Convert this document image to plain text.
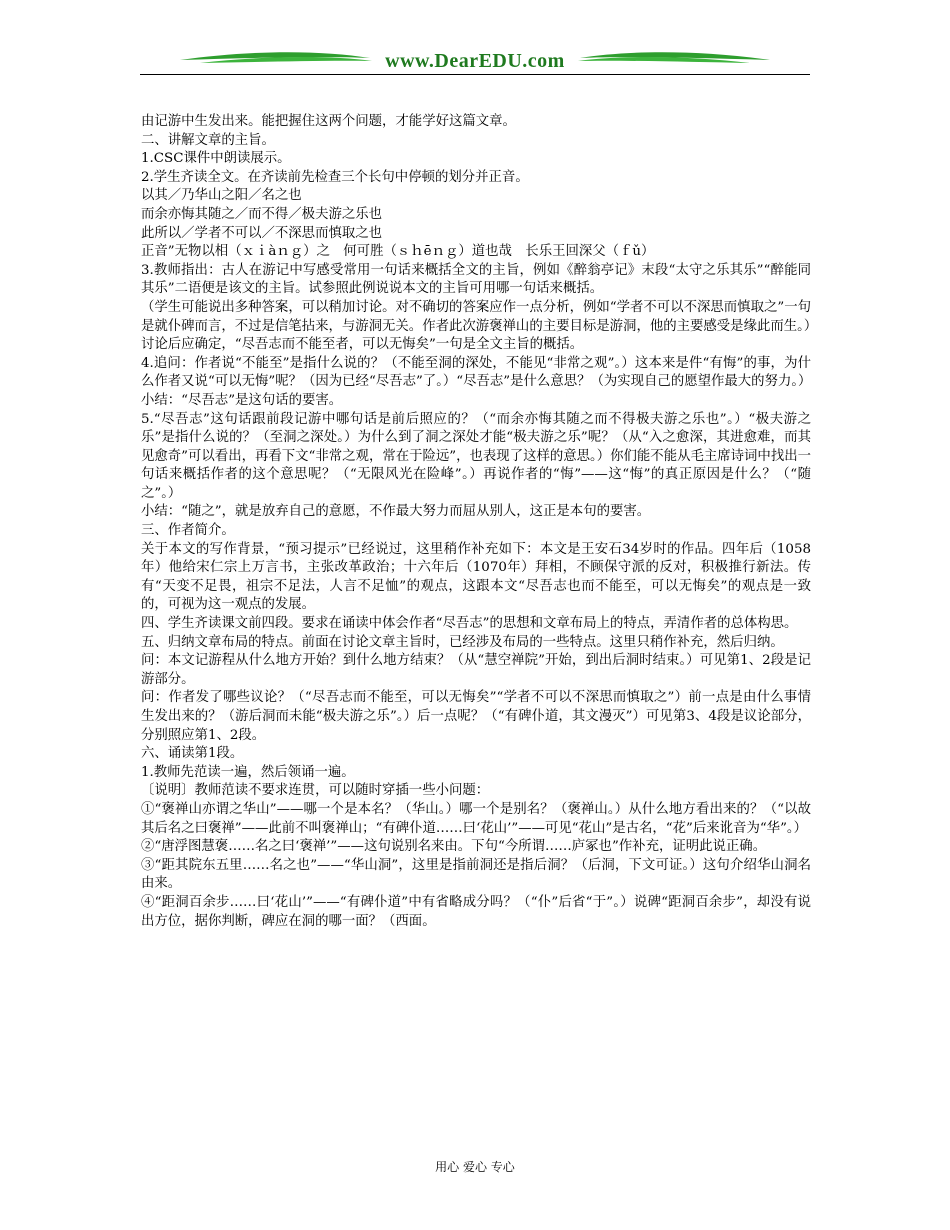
www.DearEDU.com

由记游中生发出来。能把握住这两个问题，才能学好这篇文章。

二、讲解文章的主旨。

1.CSC课件中朗读展示。

2.学生齐读全文。在齐读前先检查三个长句中停顿的划分并正音。

以其／乃华山之阳／名之也

而余亦悔其随之／而不得／极夫游之乐也

此所以／学者不可以／不深思而慎取之也

正音”无物以相（ｘｉàｎｇ）之　何可胜（ｓｈēｎｇ）道也哉　长乐王回深父（ｆǔ）

3.教师指出：古人在游记中写感受常用一句话来概括全文的主旨，例如《醉翁亭记》末段“太守之乐其乐”“醉能同其乐”二语便是该文的主旨。试参照此例说说本文的主旨可用哪一句话来概括。

（学生可能说出多种答案，可以稍加讨论。对不确切的答案应作一点分析，例如“学者不可以不深思而慎取之”一句是就仆碑而言，不过是信笔拈来，与游洞无关。作者此次游褒禅山的主要目标是游洞，他的主要感受是缘此而生。）

讨论后应确定，“尽吾志而不能至者，可以无悔矣”一句是全文主旨的概括。

4.追问：作者说“不能至”是指什么说的？（不能至洞的深处，不能见“非常之观”。）这本来是件“有悔”的事，为什么作者又说“可以无悔”呢？（因为已经“尽吾志”了。）“尽吾志”是什么意思？（为实现自己的愿望作最大的努力。）

小结：“尽吾志”是这句话的要害。

5.“尽吾志”这句话跟前段记游中哪句话是前后照应的？（“而余亦悔其随之而不得极夫游之乐也”。）“极夫游之乐”是指什么说的？（至洞之深处。）为什么到了洞之深处才能“极夫游之乐”呢？（从“入之愈深，其进愈难，而其见愈奇”可以看出，再看下文“非常之观，常在于险远”，也表现了这样的意思。）你们能不能从毛主席诗词中找出一句话来概括作者的这个意思呢？（“无限风光在险峰”。）再说作者的“悔”——这“悔”的真正原因是什么？（“随之”。）

小结：“随之”，就是放弃自己的意愿，不作最大努力而屈从别人，这正是本句的要害。

三、作者简介。

关于本文的写作背景，“预习提示”已经说过，这里稍作补充如下：本文是王安石34岁时的作品。四年后（1058年）他给宋仁宗上万言书，主张改革政治；十六年后（1070年）拜相，不顾保守派的反对，积极推行新法。传有“天变不足畏，祖宗不足法，人言不足恤”的观点，这跟本文“尽吾志也而不能至，可以无悔矣”的观点是一致的，可视为这一观点的发展。

四、学生齐读课文前四段。要求在诵读中体会作者“尽吾志”的思想和文章布局上的特点，弄清作者的总体构思。

五、归纳文章布局的特点。前面在讨论文章主旨时，已经涉及布局的一些特点。这里只稍作补充，然后归纳。

问：本文记游程从什么地方开始？到什么地方结束？（从“慧空禅院”开始，到出后洞时结束。）可见第1、2段是记游部分。

问：作者发了哪些议论？（“尽吾志而不能至，可以无悔矣”“学者不可以不深思而慎取之”）前一点是由什么事情生发出来的？（游后洞而未能“极夫游之乐”。）后一点呢？（“有碑仆道，其文漫灭”）可见第3、4段是议论部分，分别照应第1、2段。

六、诵读第1段。

1.教师先范读一遍，然后领诵一遍。

〔说明〕教师范读不要求连贯，可以随时穿插一些小问题：

①“褒禅山亦谓之华山”——哪一个是本名？（华山。）哪一个是别名？（褒禅山。）从什么地方看出来的？（“以故其后名之曰褒禅”——此前不叫褒禅山；“有碑仆道……曰‘花山’”——可见“花山”是古名，“花”后来讹音为“华”。）

②“唐浮图慧褒……名之曰‘褒禅’”——这句说别名来由。下句“今所谓……庐冢也”作补充，证明此说正确。

③“距其院东五里……名之也”——“华山洞”，这里是指前洞还是指后洞？（后洞，下文可证。）这句介绍华山洞名由来。

④“距洞百余步……曰‘花山’”——“有碑仆道”中有省略成分吗？（“仆”后省“于”。）说碑“距洞百余步”，却没有说出方位，据你判断，碑应在洞的哪一面？（西面。

用心 爱心 专心
